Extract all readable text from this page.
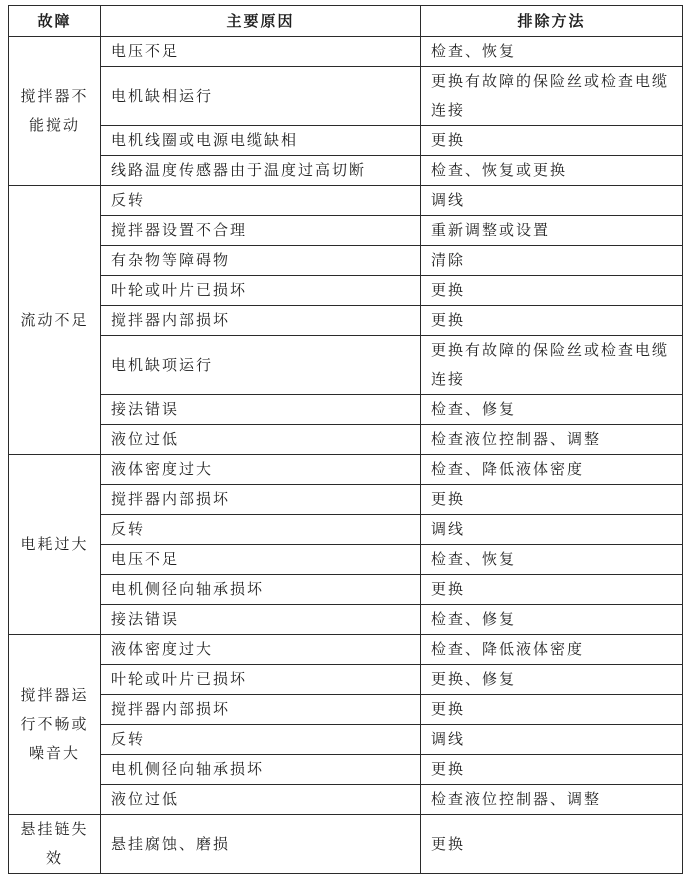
故障	主要原因	排除方法
搅拌器不能搅动	电压不足	检查、恢复
	电机缺相运行	更换有故障的保险丝或检查电缆连接
	电机线圈或电源电缆缺相	更换
	线路温度传感器由于温度过高切断	检查、恢复或更换
流动不足	反转	调线
	搅拌器设置不合理	重新调整或设置
	有杂物等障碍物	清除
	叶轮或叶片已损坏	更换
	搅拌器内部损坏	更换
	电机缺项运行	更换有故障的保险丝或检查电缆连接
	接法错误	检查、修复
	液位过低	检查液位控制器、调整
电耗过大	液体密度过大	检查、降低液体密度
	搅拌器内部损坏	更换
	反转	调线
	电压不足	检查、恢复
	电机侧径向轴承损坏	更换
	接法错误	检查、修复
搅拌器运行不畅或噪音大	液体密度过大	检查、降低液体密度
	叶轮或叶片已损坏	更换、修复
	搅拌器内部损坏	更换
	反转	调线
	电机侧径向轴承损坏	更换
	液位过低	检查液位控制器、调整
悬挂链失效	悬挂腐蚀、磨损	更换
